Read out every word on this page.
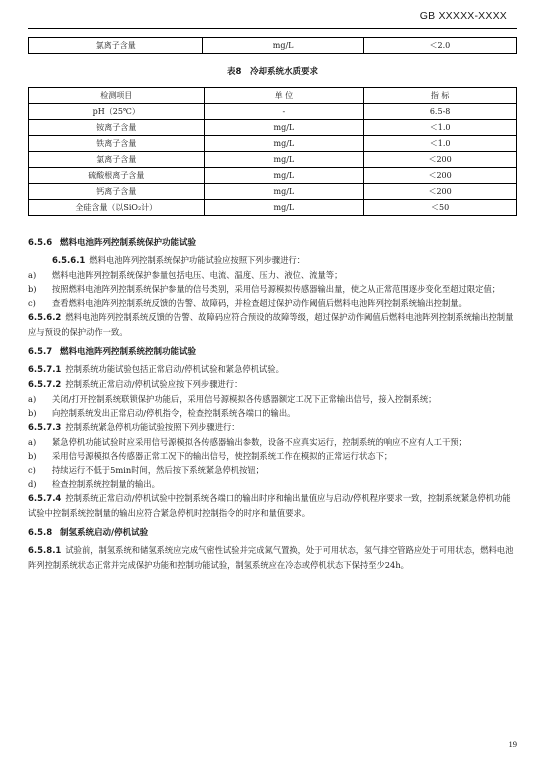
GB XXXXX-XXXX
氯离子含量	mg/L	＜2.0
表8　冷却系统水质要求
检测项目	单 位	指 标
pH（25℃）	-	6.5-8
铵离子含量	mg/L	＜1.0
铁离子含量	mg/L	＜1.0
氯离子含量	mg/L	＜200
硫酸根离子含量	mg/L	＜200
钙离子含量	mg/L	＜200
全硅含量（以SiO₂计）	mg/L	＜50
6.5.6 燃料电池阵列控制系统保护功能试验
6.5.6.1 燃料电池阵列控制系统保护功能试验应按照下列步骤进行：
a)	燃料电池阵列控制系统保护参量包括电压、电流、温度、压力、液位、流量等；
b)	按照燃料电池阵列控制系统保护参量的信号类别，采用信号源模拟传感器输出量，使之从正常范围逐步变化至超过限定值；
c)	查看燃料电池阵列控制系统反馈的告警、故障码，并检查超过保护动作阈值后燃料电池阵列控制系统输出控制量。
6.5.6.2 燃料电池阵列控制系统反馈的告警、故障码应符合预设的故障等级，超过保护动作阈值后燃料电池阵列控制系统输出控制量应与预设的保护动作一致。
6.5.7 燃料电池阵列控制系统控制功能试验
6.5.7.1 控制系统功能试验包括正常启动/停机试验和紧急停机试验。
6.5.7.2 控制系统正常启动/停机试验应按下列步骤进行：
a)	关闭/打开控制系统联锁保护功能后，采用信号源模拟各传感器额定工况下正常输出信号，接入控制系统；
b)	向控制系统发出正常启动/停机指令，检查控制系统各端口的输出。
6.5.7.3 控制系统紧急停机功能试验按照下列步骤进行：
a)	紧急停机功能试验时应采用信号源模拟各传感器输出参数，设备不应真实运行，控制系统的响应不应有人工干预；
b)	采用信号源模拟各传感器正常工况下的输出信号，使控制系统工作在模拟的正常运行状态下；
c)	持续运行不低于5min时间，然后按下系统紧急停机按钮；
d)	检查控制系统控制量的输出。
6.5.7.4 控制系统正常启动/停机试验中控制系统各端口的输出时序和输出量值应与启动/停机程序要求一致，控制系统紧急停机功能试验中控制系统控制量的输出应符合紧急停机时控制指令的时序和量值要求。
6.5.8 制氢系统启动/停机试验
6.5.8.1 试验前，制氢系统和储氢系统应完成气密性试验并完成氮气置换，处于可用状态，氢气排空管路应处于可用状态，燃料电池阵列控制系统状态正常并完成保护功能和控制功能试验，制氢系统应在冷态或停机状态下保持至少24h。
19
